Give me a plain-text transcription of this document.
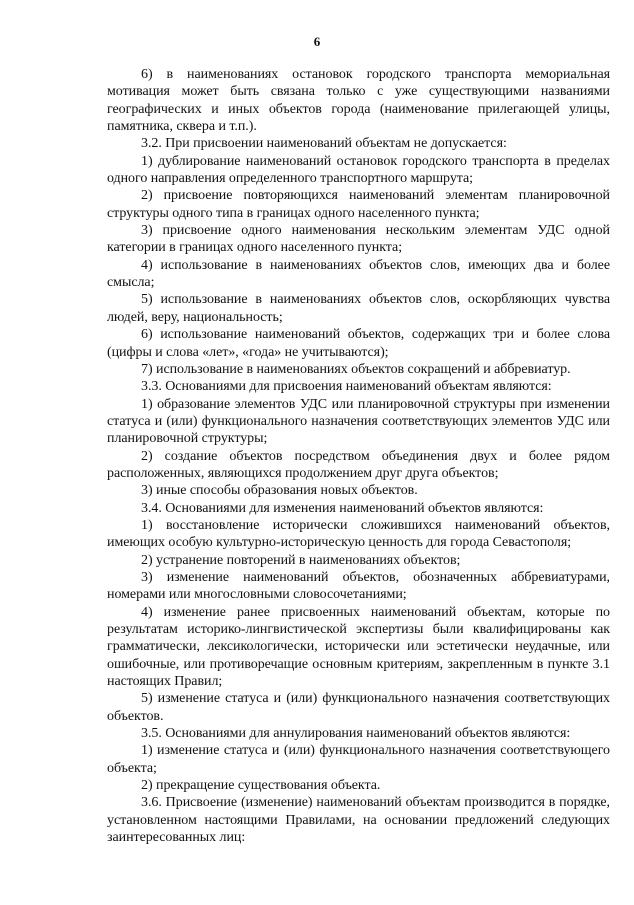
6

6) в наименованиях остановок городского транспорта мемориальная мотивация может быть связана только с уже существующими названиями географических и иных объектов города (наименование прилегающей улицы, памятника, сквера и т.п.).

3.2. При присвоении наименований объектам не допускается:

1) дублирование наименований остановок городского транспорта в пределах одного направления определенного транспортного маршрута;

2) присвоение повторяющихся наименований элементам планировочной структуры одного типа в границах одного населенного пункта;

3) присвоение одного наименования нескольким элементам УДС одной категории в границах одного населенного пункта;

4) использование в наименованиях объектов слов, имеющих два и более смысла;

5) использование в наименованиях объектов слов, оскорбляющих чувства людей, веру, национальность;

6) использование наименований объектов, содержащих три и более слова (цифры и слова «лет», «года» не учитываются);

7) использование в наименованиях объектов сокращений и аббревиатур.

3.3. Основаниями для присвоения наименований объектам являются:

1) образование элементов УДС или планировочной структуры при изменении статуса и (или) функционального назначения соответствующих элементов УДС или планировочной структуры;

2) создание объектов посредством объединения двух и более рядом расположенных, являющихся продолжением друг друга объектов;

3) иные способы образования новых объектов.

3.4. Основаниями для изменения наименований объектов являются:

1) восстановление исторически сложившихся наименований объектов, имеющих особую культурно-историческую ценность для города Севастополя;

2) устранение повторений в наименованиях объектов;

3) изменение наименований объектов, обозначенных аббревиатурами, номерами или многословными словосочетаниями;

4) изменение ранее присвоенных наименований объектам, которые по результатам историко-лингвистической экспертизы были квалифицированы как грамматически, лексикологически, исторически или эстетически неудачные, или ошибочные, или противоречащие основным критериям, закрепленным в пункте 3.1 настоящих Правил;

5) изменение статуса и (или) функционального назначения соответствующих объектов.

3.5. Основаниями для аннулирования наименований объектов являются:

1) изменение статуса и (или) функционального назначения соответствующего объекта;

2) прекращение существования объекта.

3.6. Присвоение (изменение) наименований объектам производится в порядке, установленном настоящими Правилами, на основании предложений следующих заинтересованных лиц:
